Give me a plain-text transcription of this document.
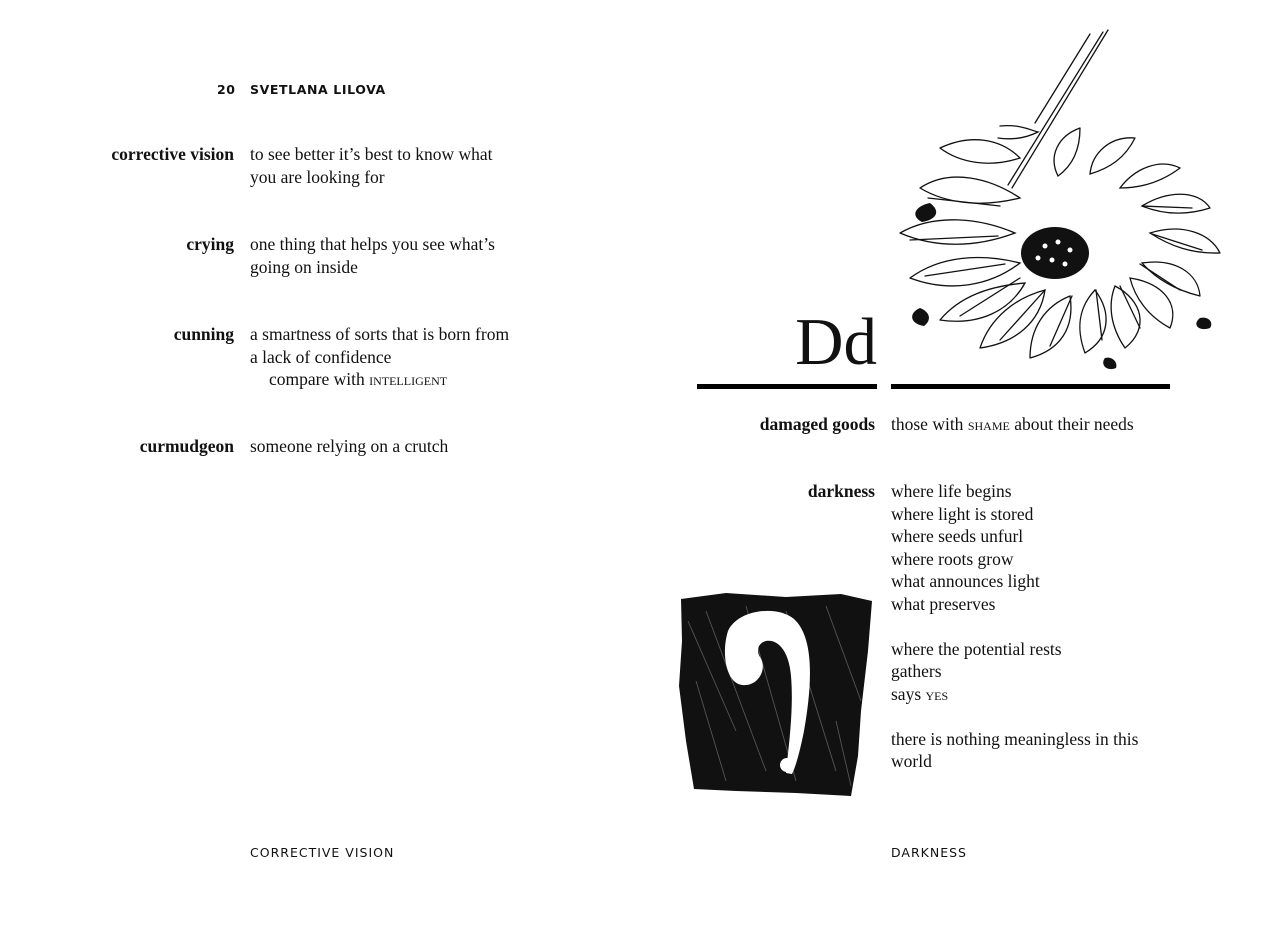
20 SVETLANA LILOVA
corrective vision to see better it’s best to know what
you are looking for
crying one thing that helps you see what’s
going on inside
cunning a smartness of sorts that is born from
a lack of confidence
compare with intelligent
curmudgeon someone relying on a crutch
CORRECTIVE VISION
Dd
damaged goods those with shame about their needs
darkness where life begins
where light is stored
where seeds unfurl
where roots grow
what announces light
what preserves
where the potential rests
gathers
says yes
there is nothing meaningless in this
world
DARKNESS
